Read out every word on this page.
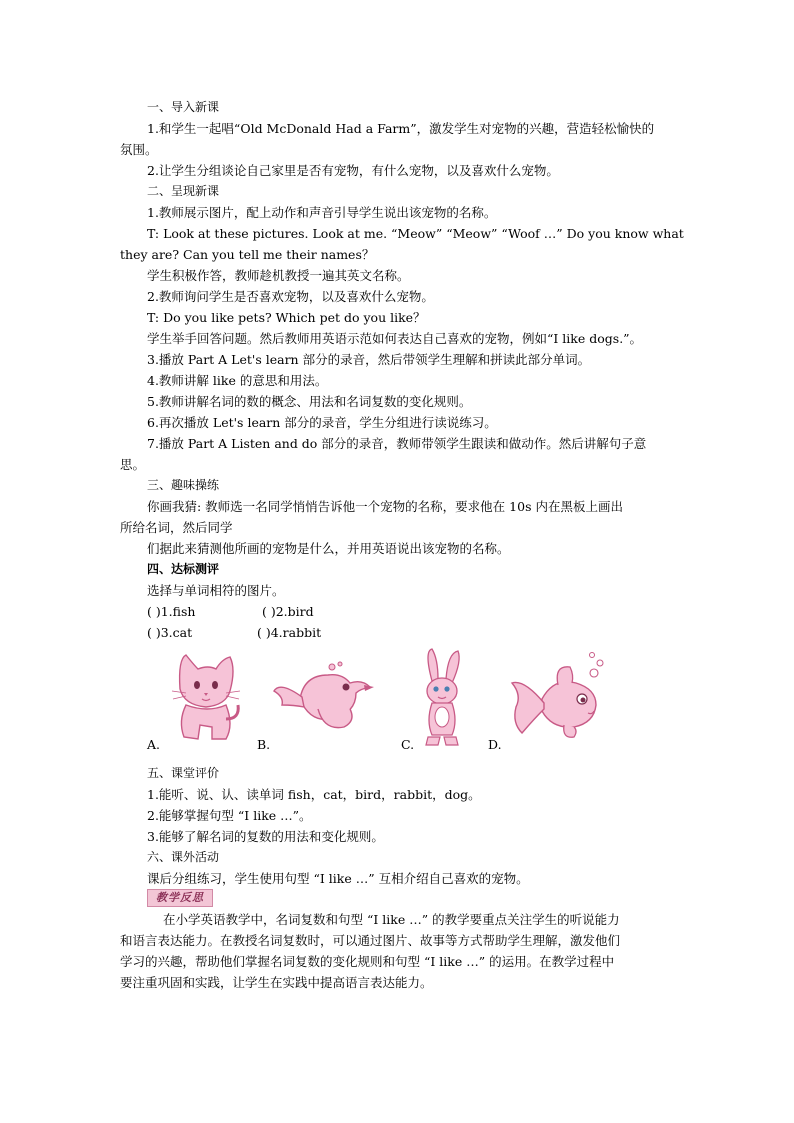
一、导入新课
1.和学生一起唱“Old McDonald Had a Farm”，激发学生对宠物的兴趣，营造轻松愉快的
氛围。
2.让学生分组谈论自己家里是否有宠物，有什么宠物，以及喜欢什么宠物。
二、呈现新课
1.教师展示图片，配上动作和声音引导学生说出该宠物的名称。
T: Look at these pictures. Look at me. “Meow” “Meow” “Woof …” Do you know what
they are? Can you tell me their names？
学生积极作答，教师趁机教授一遍其英文名称。
2.教师询问学生是否喜欢宠物，以及喜欢什么宠物。
T: Do you like pets? Which pet do you like？
学生举手回答问题。然后教师用英语示范如何表达自己喜欢的宠物，例如“I like dogs.”。
3.播放 Part A Let's learn 部分的录音，然后带领学生理解和拼读此部分单词。
4.教师讲解 like 的意思和用法。
5.教师讲解名词的数的概念、用法和名词复数的变化规则。
6.再次播放 Let's learn 部分的录音，学生分组进行读说练习。
7.播放 Part A Listen and do 部分的录音，教师带领学生跟读和做动作。然后讲解句子意
思。
三、趣味操练
你画我猜: 教师选一名同学悄悄告诉他一个宠物的名称，要求他在 10s 内在黑板上画出
所给名词，然后同学
们据此来猜测他所画的宠物是什么，并用英语说出该宠物的名称。
四、达标测评
选择与单词相符的图片。
( )1.fish	( )2.bird
( )3.cat	( )4.rabbit
A.	B.	C.	D.
五、课堂评价
1.能听、说、认、读单词 fish，cat，bird，rabbit，dog。
2.能够掌握句型 “I like …”。
3.能够了解名词的复数的用法和变化规则。
六、课外活动
课后分组练习，学生使用句型 “I like …” 互相介绍自己喜欢的宠物。
教学反思
在小学英语教学中，名词复数和句型 “I like …” 的教学要重点关注学生的听说能力
和语言表达能力。在教授名词复数时，可以通过图片、故事等方式帮助学生理解，激发他们
学习的兴趣，帮助他们掌握名词复数的变化规则和句型 “I like …” 的运用。在教学过程中
要注重巩固和实践，让学生在实践中提高语言表达能力。
